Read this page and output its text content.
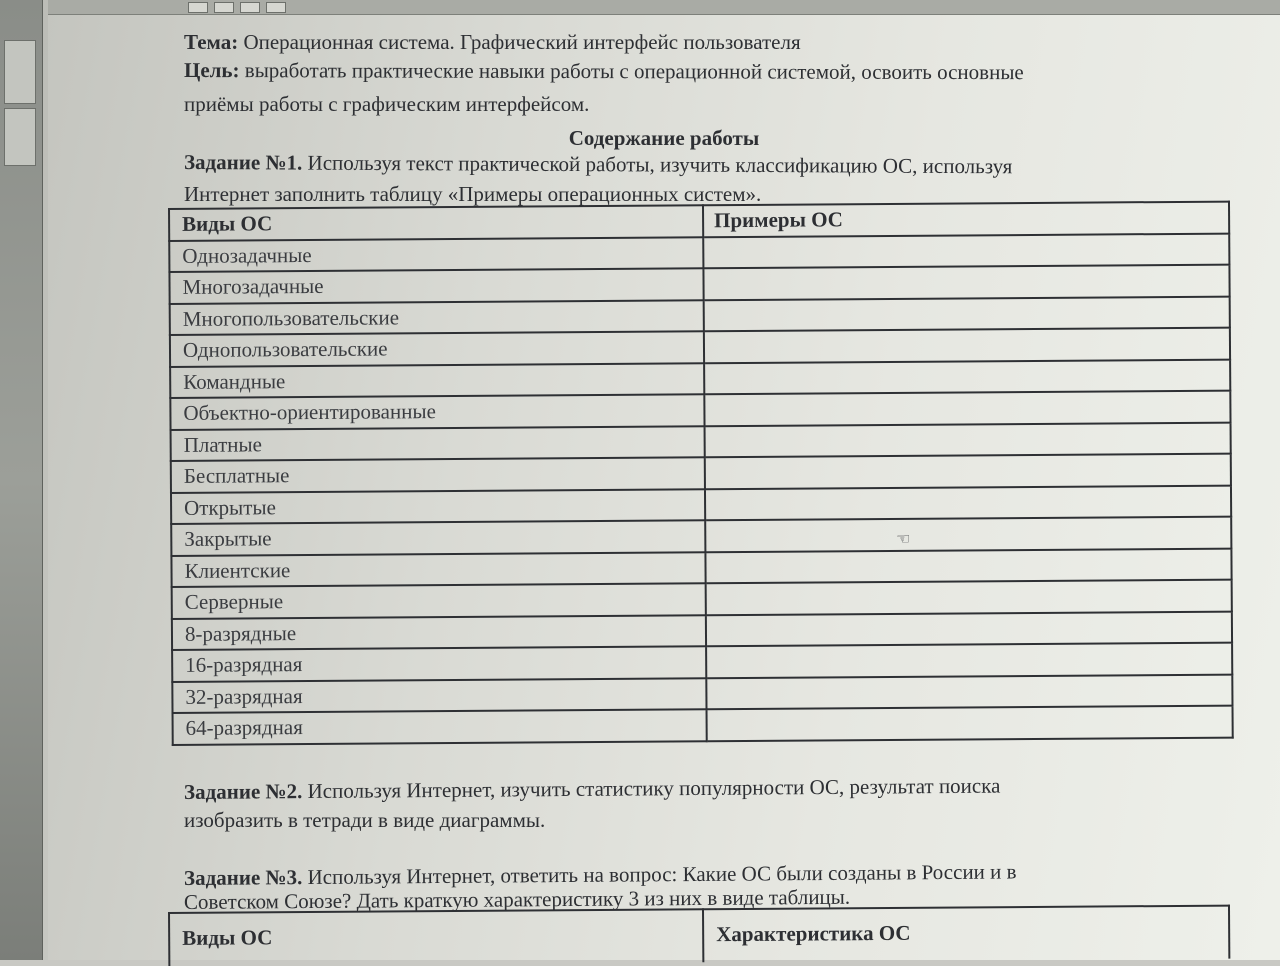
Тема: Операционная система. Графический интерфейс пользователя
Цель: выработать практические навыки работы с операционной системой, освоить основные
приёмы работы с графическим интерфейсом.
Содержание работы
Задание №1. Используя текст практической работы, изучить классификацию ОС, используя
Интернет заполнить таблицу «Примеры операционных систем».
Виды ОС	Примеры ОС
Однозадачные	
Многозадачные	
Многопользовательские	
Однопользовательские	
Командные	
Объектно-ориентированные	
Платные	
Бесплатные	
Открытые	
Закрытые	
Клиентские	
Серверные	
8-разрядные	
16-разрядная	
32-разрядная	
64-разрядная	
Задание №2. Используя Интернет, изучить статистику популярности ОС, результат поиска
изобразить в тетради в виде диаграммы.
Задание №3. Используя Интернет, ответить на вопрос: Какие ОС были созданы в России и в
Советском Союзе? Дать краткую характеристику 3 из них в виде таблицы.
Виды ОС	Характеристика ОС
☜
